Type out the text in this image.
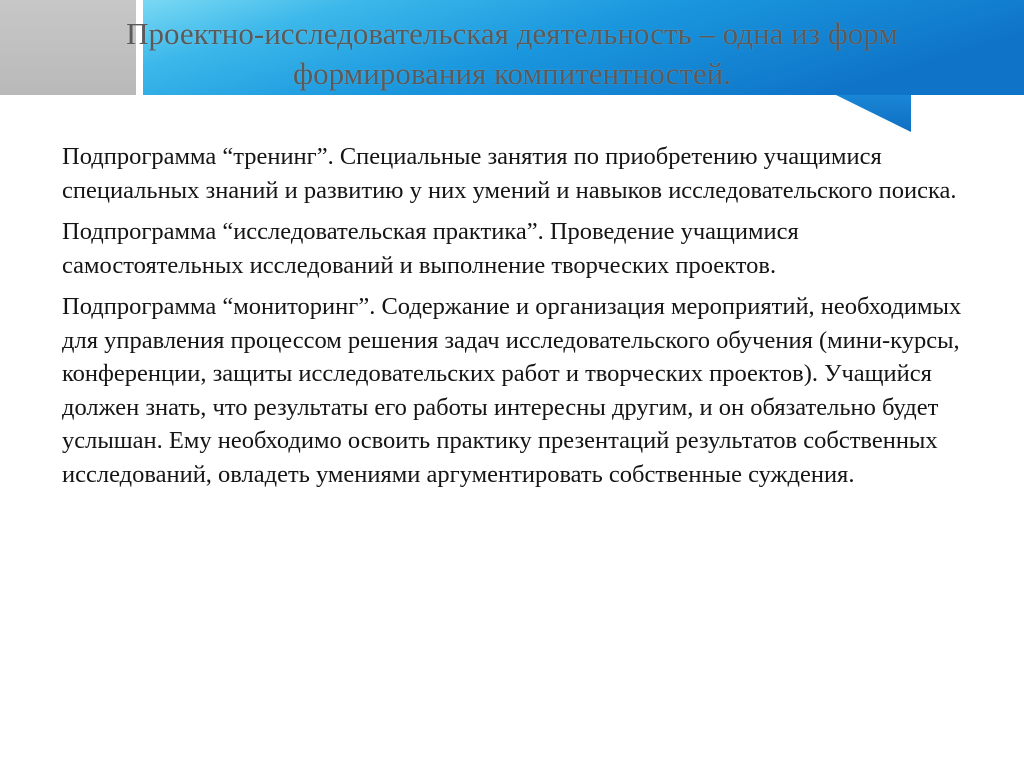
Проектно-исследовательская деятельность – одна из форм формирования компитентностей.

Подпрограмма “тренинг”. Специальные занятия по приобретению учащимися специальных знаний и развитию у них умений и навыков исследовательского поиска.

Подпрограмма “исследовательская практика”. Проведение учащимися самостоятельных исследований и выполнение творческих проектов.

Подпрограмма “мониторинг”. Содержание и организация мероприятий, необходимых для управления процессом решения задач исследовательского обучения (мини-курсы, конференции, защиты исследовательских работ и творческих проектов). Учащийся должен знать, что результаты его работы интересны другим, и он обязательно будет услышан. Ему необходимо освоить практику презентаций результатов собственных исследований, овладеть умениями аргументировать собственные суждения.
